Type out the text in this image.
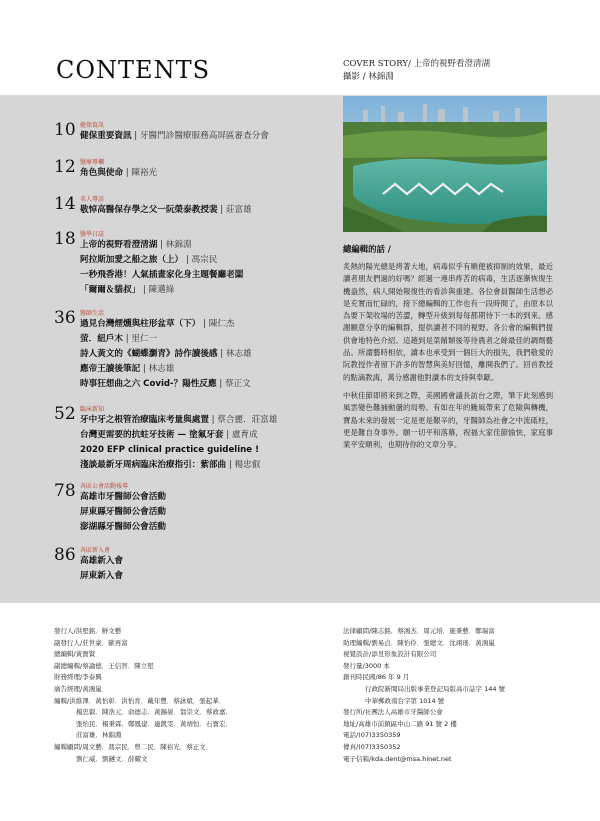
CONTENTS	COVER STORY/ 上帝的視野看澄清湖
攝影 / 林錦淵
10 健保資訊
健保重要資訊 | 牙醫門診醫療服務高屏區審查分會
12 醫療專欄
角色與使命 | 陳裕光
14 名人專訪
敬悼高醫保存學之父一阮榮泰教授裴 | 莊富雄
18 醫學日誌
上帝的視野看澄清湖 | 林錦淵
阿拉斯加愛之船之旅（上） | 馮宗民
一秒飛香港！人氣插畫家化身主題餐廳老闆
「爾爾＆貓叔」 | 陳邁綠
36 醫師生活
過見台灣煙燻與柱形盆草（下） | 陳仁杰
萤．紐戶木 | 里仁一
詩人黃文的《蝴蝶瀏青》詩作讀後感 | 林志雄
應帝王讀後筆記 | 林志雄
時事狂想曲之六 Covid-？陽性反應 | 蔡正文
52 臨床新知
牙中牙之根管治療臨床考量與處置 | 蔡合麗．莊富雄
台灣更需要的抗蛀牙技術 — 塗氟牙套 | 盧育成
2020 EFP clinical practice guideline !
淺談最新牙周病臨床治療指引：紫部曲 | 楊忠叡
78 各區公會活動報導
高雄市牙醫師公會活動
屏東縣牙醫師公會活動
澎湖縣牙醫師公會活動
86 各區新入會
高雄新入會
屏東新入會
總編輯的話 /

炙熱的陽光總是烤著大地，病毒似乎有順便被抑制的效果，最近讀者朋友們過的好嗎？經過一連串疼苦的病毒，生活逐漸恢復生機盎然，病人開始報復性的看診與重建。各位會員醫師生活想必是充實而忙碌的，接下總編輯的工作也有一段時間了，由原本以為要下架收場的苦澀，轉型升級到每每都期待下一本的到來。感謝願意分享的編輯群，提供讀者不同的視野。各公會的編輯們提供會地特色介紹。這趟到是菜餚類後等待農者之餘最佳的調劑藝品。所謂藝時相依，讀本也承受到一個巨大的損失，我們敬愛的阮教授作者留下許多的智慧與美好回憶，離開我們了。回首教授的點滴教誨，萬分感謝他對讀本的支持與奉獻。

中秋佳節即將來到之際，美國國會議長訪台之際，筆下此刻感到風雲變色難捕動盪的局勢。有如在年的颱風帶來了危險與轉機，寶島未來的發展一定是更是艱辛的，牙醫師為社會之中流砥柱，更是難自身事外。願一切平和落幕，祝福大家佳節愉快，家庭事業平安順利，也期待你的文章分享。

發行人 / 洪堅銘．鮮文藝
副發行人 / 莊世豪．歐再富
總編輯 / 黃寶賢
副總編輯 / 蔡論德．王信智．陳立堅
財務經理 / 李泰興
廣告經理 / 黃鴻嵐
編輯 / 洪維澤．黃怡彰．洪怡育．戴年豐．蔡詠斌．張起華．
楊忠叡．陳浩元．俞德志．黃錫晏．翁崇文．蔡政嘉．
張怡民．楊秉霖．鄭鳳建．連凱雯．黃靖恒．石寶宏．
莊富雄．林錦淵
編輯顧問 / 周文藝．馮宗民．曾二民．陳裕光．蔡正文．
劉仁威．劉鏈文．薛耀文
法律顧問 / 陳志銘．蔡鴻杰．周元培．施秉藝．鄭瑞富
助理編輯 / 劉易貞．陳怡伶．張總文．沈翊瑤．黃鴻嵐
視覺設計 / 添昱形象設計有限公司
發行量 / 3000 本
創刊時民國 / 86 年 9 月
行政院新聞局出版事業登記局版高市誌字 144 號
中華郵政南台字第 1014 號
發行所 / 社團法人高雄市牙醫師公會
地址 / 高雄市前鎮區中山二路 91 號 2 樓
電話 / (07)3350359
傳真 / (07)3350352
電子信箱 / kda.dent@msa.hinet.net
